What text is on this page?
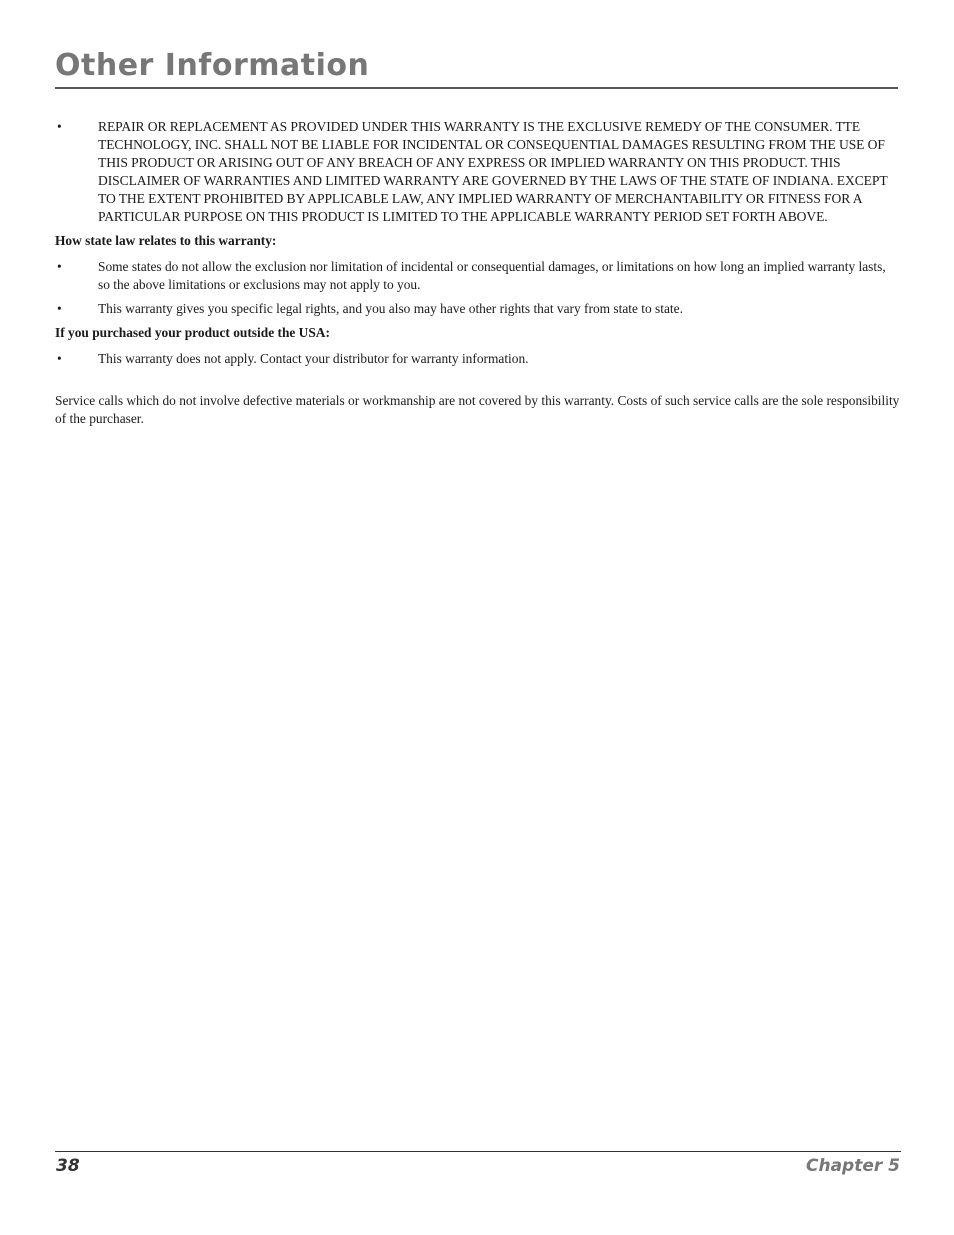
Other Information
•	REPAIR OR REPLACEMENT AS PROVIDED UNDER THIS WARRANTY IS THE EXCLUSIVE REMEDY OF THE CONSUMER. TTE TECHNOLOGY, INC. SHALL NOT BE LIABLE FOR INCIDENTAL OR CONSEQUENTIAL DAMAGES RESULTING FROM THE USE OF THIS PRODUCT OR ARISING OUT OF ANY BREACH OF ANY EXPRESS OR IMPLIED WARRANTY ON THIS PRODUCT. THIS DISCLAIMER OF WARRANTIES AND LIMITED WARRANTY ARE GOVERNED BY THE LAWS OF THE STATE OF INDIANA. EXCEPT TO THE EXTENT PROHIBITED BY APPLICABLE LAW, ANY IMPLIED WARRANTY OF MERCHANTABILITY OR FITNESS FOR A PARTICULAR PURPOSE ON THIS PRODUCT IS LIMITED TO THE APPLICABLE WARRANTY PERIOD SET FORTH ABOVE.
How state law relates to this warranty:
•	Some states do not allow the exclusion nor limitation of incidental or consequential damages, or limitations on how long an implied warranty lasts, so the above limitations or exclusions may not apply to you.
•	This warranty gives you specific legal rights, and you also may have other rights that vary from state to state.
If you purchased your product outside the USA:
•	This warranty does not apply. Contact your distributor for warranty information.

Service calls which do not involve defective materials or workmanship are not covered by this warranty. Costs of such service calls are the sole responsibility of the purchaser.

38	Chapter 5
